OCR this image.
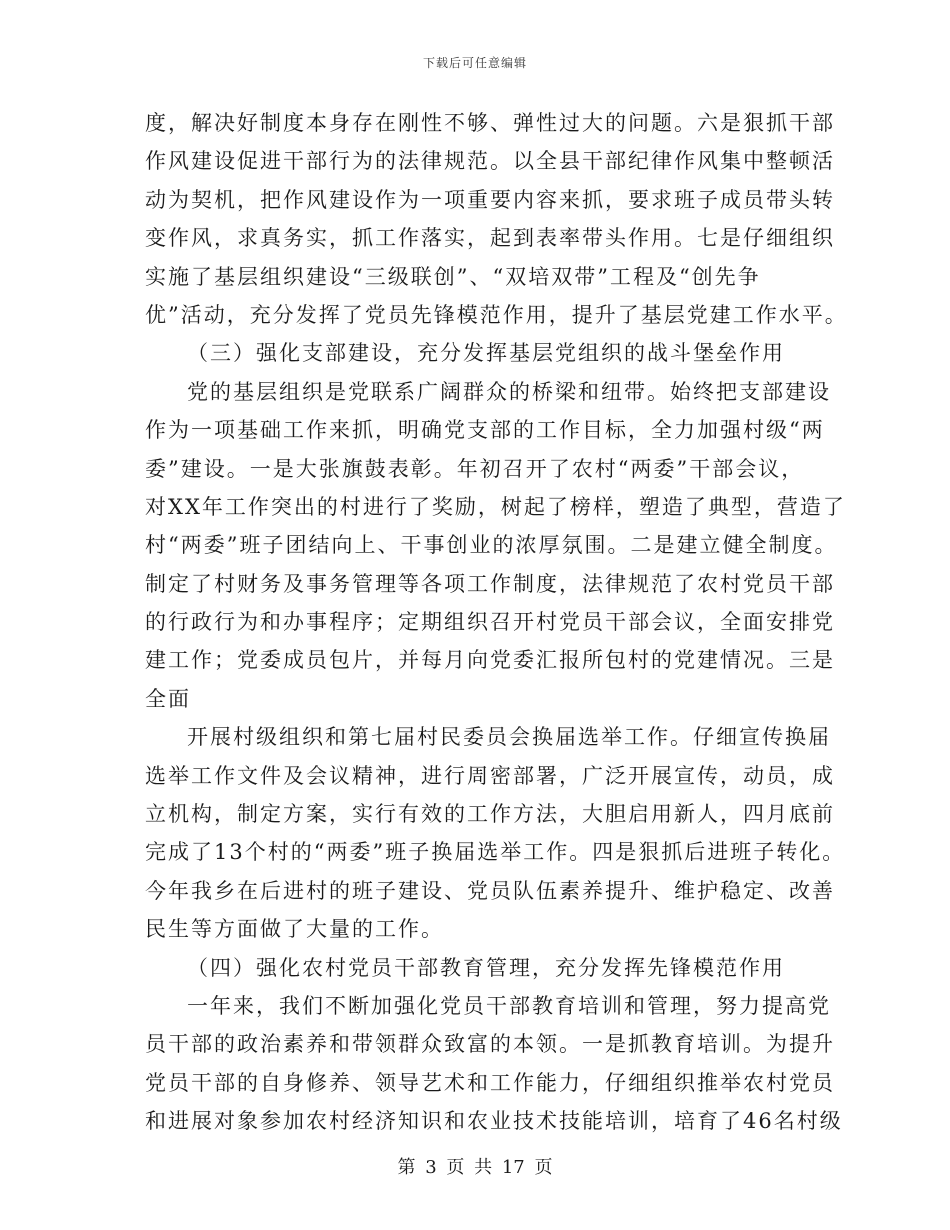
下载后可任意编辑
度，解决好制度本身存在刚性不够、弹性过大的问题。六是狠抓干部
作风建设促进干部行为的法律规范。以全县干部纪律作风集中整顿活
动为契机，把作风建设作为一项重要内容来抓，要求班子成员带头转
变作风，求真务实，抓工作落实，起到表率带头作用。七是仔细组织
实施了基层组织建设“三级联创”、“双培双带”工程及“创先争
优”活动，充分发挥了党员先锋模范作用，提升了基层党建工作水平。
（三）强化支部建设，充分发挥基层党组织的战斗堡垒作用
党的基层组织是党联系广阔群众的桥梁和纽带。始终把支部建设
作为一项基础工作来抓，明确党支部的工作目标，全力加强村级“两
委”建设。一是大张旗鼓表彰。年初召开了农村“两委”干部会议，
对XX年工作突出的村进行了奖励，树起了榜样，塑造了典型，营造了
村“两委”班子团结向上、干事创业的浓厚氛围。二是建立健全制度。
制定了村财务及事务管理等各项工作制度，法律规范了农村党员干部
的行政行为和办事程序；定期组织召开村党员干部会议，全面安排党
建工作；党委成员包片，并每月向党委汇报所包村的党建情况。三是
全面
开展村级组织和第七届村民委员会换届选举工作。仔细宣传换届
选举工作文件及会议精神，进行周密部署，广泛开展宣传，动员，成
立机构，制定方案，实行有效的工作方法，大胆启用新人，四月底前
完成了13个村的“两委”班子换届选举工作。四是狠抓后进班子转化。
今年我乡在后进村的班子建设、党员队伍素养提升、维护稳定、改善
民生等方面做了大量的工作。
（四）强化农村党员干部教育管理，充分发挥先锋模范作用
一年来，我们不断加强化党员干部教育培训和管理，努力提高党
员干部的政治素养和带领群众致富的本领。一是抓教育培训。为提升
党员干部的自身修养、领导艺术和工作能力，仔细组织推举农村党员
和进展对象参加农村经济知识和农业技术技能培训，培育了46名村级
第 3 页 共 17 页
